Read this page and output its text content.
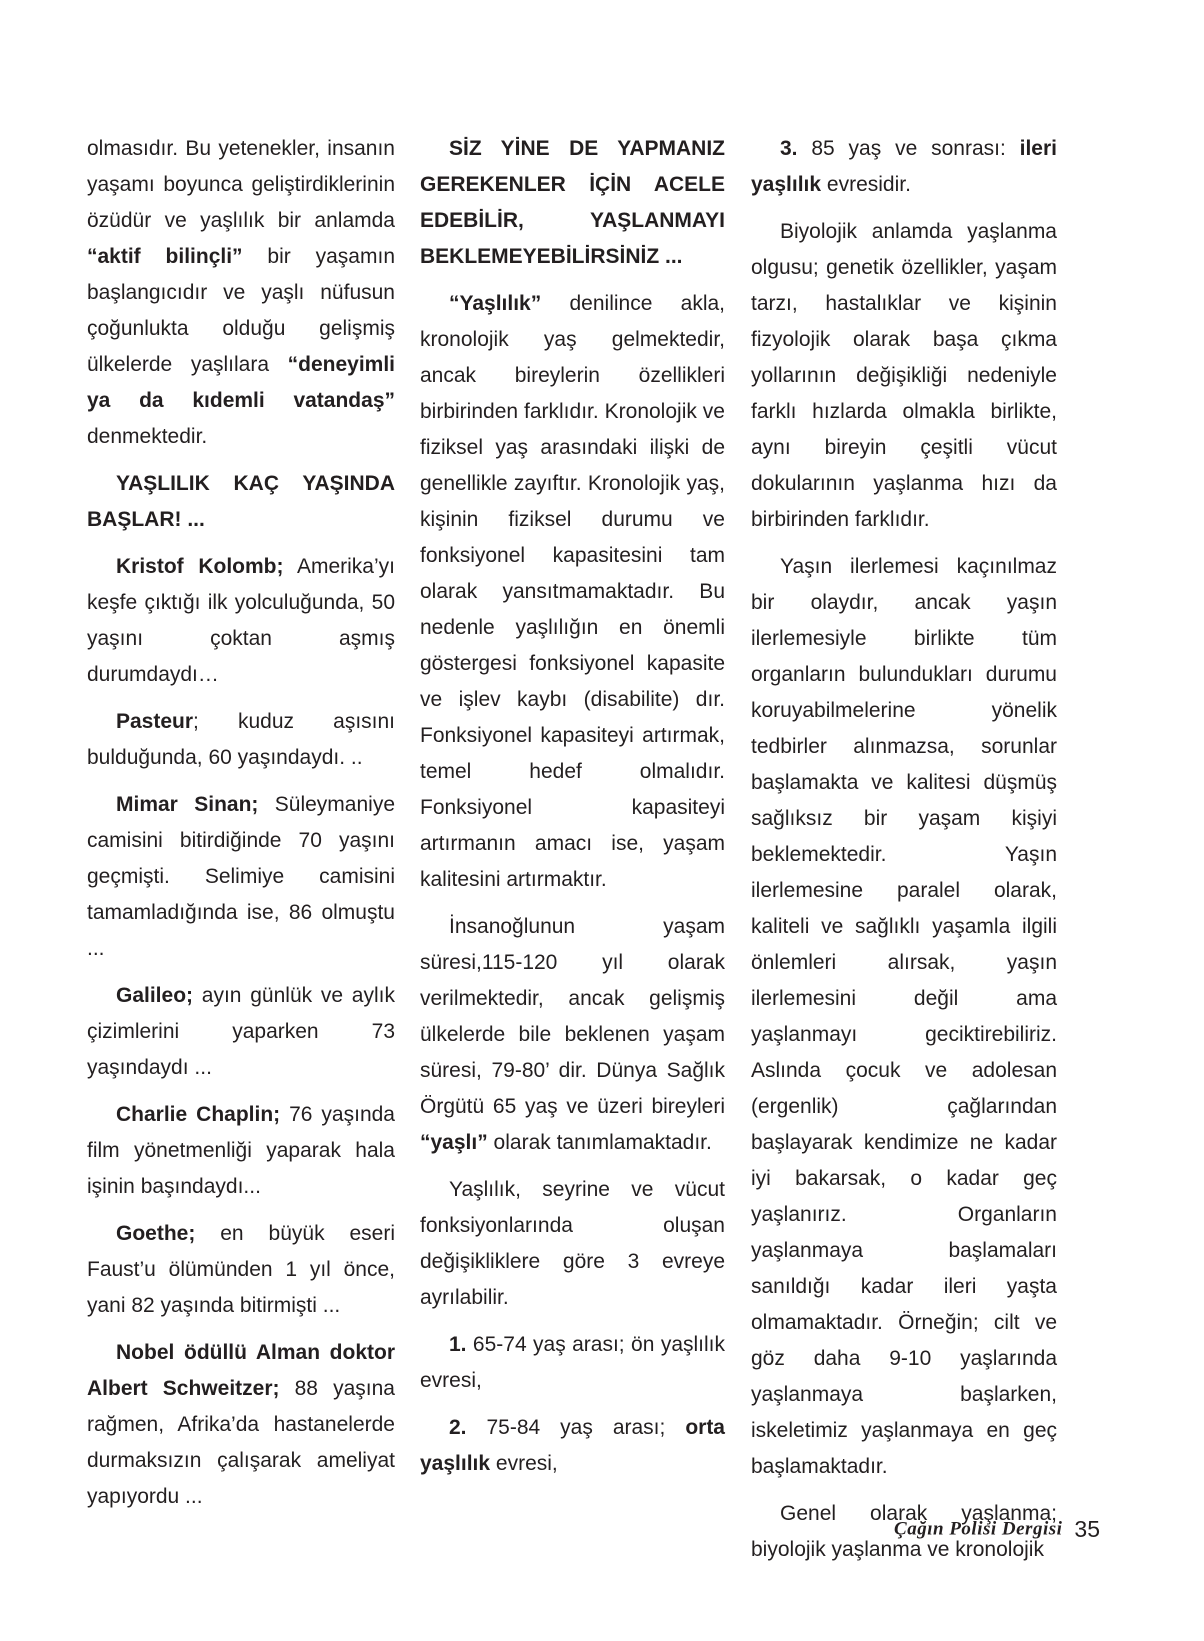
olmasıdır. Bu yetenekler, insanın yaşamı boyunca geliştirdiklerinin özüdür ve yaşlılık bir anlamda “aktif bilinçli” bir yaşamın başlangıcıdır ve yaşlı nüfusun çoğunlukta olduğu gelişmiş ülkelerde yaşlılara “deneyimli ya da kıdemli vatandaş” denmektedir.

YAŞLILIK KAÇ YAŞINDA BAŞLAR! ...

Kristof Kolomb; Amerika’yı keşfe çıktığı ilk yolculuğunda, 50 yaşını çoktan aşmış durumdaydı…

Pasteur; kuduz aşısını bulduğunda, 60 yaşındaydı. ..

Mimar Sinan; Süleymaniye camisini bitirdiğinde 70 yaşını geçmişti. Selimiye camisini tamamladığında ise, 86 olmuştu ...

Galileo; ayın günlük ve aylık çizimlerini yaparken 73 yaşındaydı ...

Charlie Chaplin; 76 yaşında film yönetmenliği yaparak hala işinin başındaydı...

Goethe; en büyük eseri Faust’u ölümünden 1 yıl önce, yani 82 yaşında bitirmişti ...

Nobel ödüllü Alman doktor Albert Schweitzer; 88 yaşına rağmen, Afrika’da hastanelerde durmaksızın çalışarak ameliyat yapıyordu ...

SİZ YİNE DE YAPMANIZ GEREKENLER İÇİN ACELE EDEBİLİR, YAŞLANMAYI BEKLEMEYEBİLİRSİNİZ ...

“Yaşlılık” denilince akla, kronolojik yaş gelmektedir, ancak bireylerin özellikleri birbirinden farklıdır. Kronolojik ve fiziksel yaş arasındaki ilişki de genellikle zayıftır. Kronolojik yaş, kişinin fiziksel durumu ve fonksiyonel kapasitesini tam olarak yansıtmamaktadır. Bu nedenle yaşlılığın en önemli göstergesi fonksiyonel kapasite ve işlev kaybı (disabilite) dır. Fonksiyonel kapasiteyi artırmak, temel hedef olmalıdır. Fonksiyonel kapasiteyi artırmanın amacı ise, yaşam kalitesini artırmaktır.

İnsanoğlunun yaşam süresi,115-120 yıl olarak verilmektedir, ancak gelişmiş ülkelerde bile beklenen yaşam süresi, 79-80’ dir. Dünya Sağlık Örgütü 65 yaş ve üzeri bireyleri “yaşlı” olarak tanımlamaktadır.

Yaşlılık, seyrine ve vücut fonksiyonlarında oluşan değişikliklere göre 3 evreye ayrılabilir.

1. 65-74 yaş arası; ön yaşlılık evresi,

2. 75-84 yaş arası; orta yaşlılık evresi,

3. 85 yaş ve sonrası: ileri yaşlılık evresidir.

Biyolojik anlamda yaşlanma olgusu; genetik özellikler, yaşam tarzı, hastalıklar ve kişinin fizyolojik olarak başa çıkma yollarının değişikliği nedeniyle farklı hızlarda olmakla birlikte, aynı bireyin çeşitli vücut dokularının yaşlanma hızı da birbirinden farklıdır.

Yaşın ilerlemesi kaçınılmaz bir olaydır, ancak yaşın ilerlemesiyle birlikte tüm organların bulundukları durumu koruyabilmelerine yönelik tedbirler alınmazsa, sorunlar başlamakta ve kalitesi düşmüş sağlıksız bir yaşam kişiyi beklemektedir. Yaşın ilerlemesine paralel olarak, kaliteli ve sağlıklı yaşamla ilgili önlemleri alırsak, yaşın ilerlemesini değil ama yaşlanmayı geciktirebiliriz. Aslında çocuk ve adolesan (ergenlik) çağlarından başlayarak kendimize ne kadar iyi bakarsak, o kadar geç yaşlanırız. Organların yaşlanmaya başlamaları sanıldığı kadar ileri yaşta olmamaktadır. Örneğin; cilt ve göz daha 9-10 yaşlarında yaşlanmaya başlarken, iskeletimiz yaşlanmaya en geç başlamaktadır.

Genel olarak yaşlanma; biyolojik yaşlanma ve kronolojik

Çağın Polisi Dergisi 35
